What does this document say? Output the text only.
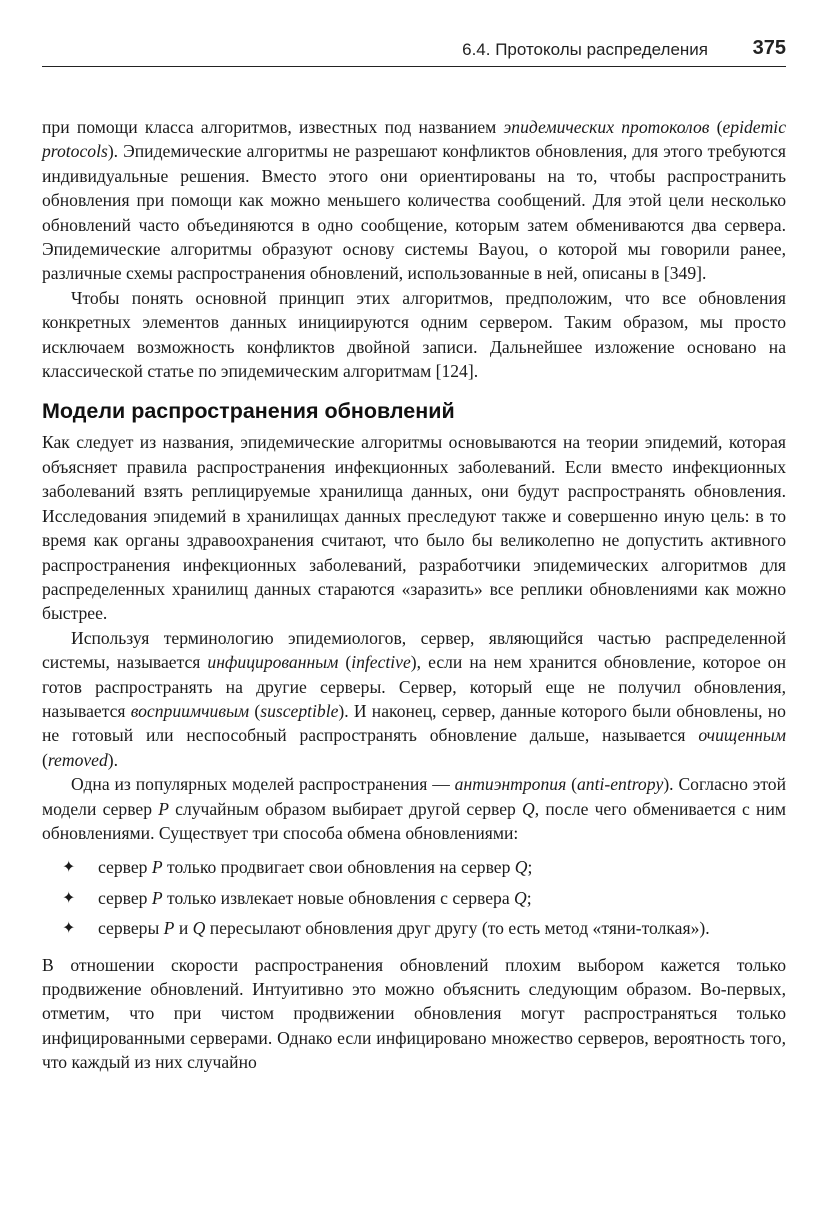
6.4. Протоколы распределения 375

при помощи класса алгоритмов, известных под названием эпидемических протоколов (epidemic protocols). Эпидемические алгоритмы не разрешают конфликтов обновления, для этого требуются индивидуальные решения. Вместо этого они ориентированы на то, чтобы распространить обновления при помощи как можно меньшего количества сообщений. Для этой цели несколько обновлений часто объединяются в одно сообщение, которым затем обмениваются два сервера. Эпидемические алгоритмы образуют основу системы Bayou, о которой мы говорили ранее, различные схемы распространения обновлений, использованные в ней, описаны в [349].

Чтобы понять основной принцип этих алгоритмов, предположим, что все обновления конкретных элементов данных инициируются одним сервером. Таким образом, мы просто исключаем возможность конфликтов двойной записи. Дальнейшее изложение основано на классической статье по эпидемическим алгоритмам [124].

Модели распространения обновлений

Как следует из названия, эпидемические алгоритмы основываются на теории эпидемий, которая объясняет правила распространения инфекционных заболеваний. Если вместо инфекционных заболеваний взять реплицируемые хранилища данных, они будут распространять обновления. Исследования эпидемий в хранилищах данных преследуют также и совершенно иную цель: в то время как органы здравоохранения считают, что было бы великолепно не допустить активного распространения инфекционных заболеваний, разработчики эпидемических алгоритмов для распределенных хранилищ данных стараются «заразить» все реплики обновлениями как можно быстрее.

Используя терминологию эпидемиологов, сервер, являющийся частью распределенной системы, называется инфицированным (infective), если на нем хранится обновление, которое он готов распространять на другие серверы. Сервер, который еще не получил обновления, называется восприимчивым (susceptible). И наконец, сервер, данные которого были обновлены, но не готовый или неспособный распространять обновление дальше, называется очищенным (removed).

Одна из популярных моделей распространения — антиэнтропия (anti-entropy). Согласно этой модели сервер P случайным образом выбирает другой сервер Q, после чего обменивается с ним обновлениями. Существует три способа обмена обновлениями:

✦ сервер P только продвигает свои обновления на сервер Q;
✦ сервер P только извлекает новые обновления с сервера Q;
✦ серверы P и Q пересылают обновления друг другу (то есть метод «тяни-толкая»).

В отношении скорости распространения обновлений плохим выбором кажется только продвижение обновлений. Интуитивно это можно объяснить следующим образом. Во-первых, отметим, что при чистом продвижении обновления могут распространяться только инфицированными серверами. Однако если инфицировано множество серверов, вероятность того, что каждый из них случайно
